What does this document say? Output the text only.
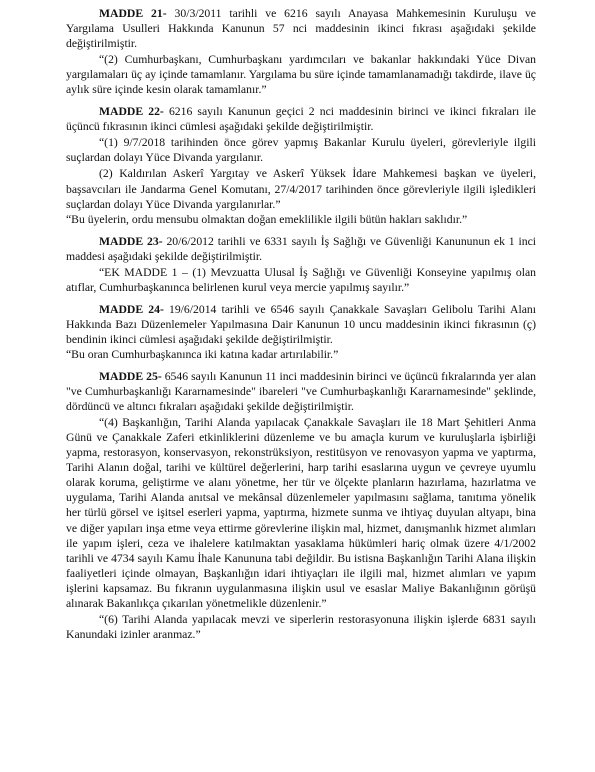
MADDE 21- 30/3/2011 tarihli ve 6216 sayılı Anayasa Mahkemesinin Kuruluşu ve Yargılama Usulleri Hakkında Kanunun 57 nci maddesinin ikinci fıkrası aşağıdaki şekilde değiştirilmiştir.

“(2) Cumhurbaşkanı, Cumhurbaşkanı yardımcıları ve bakanlar hakkındaki Yüce Divan yargılamaları üç ay içinde tamamlanır. Yargılama bu süre içinde tamamlanamadığı takdirde, ilave üç aylık süre içinde kesin olarak tamamlanır.”

MADDE 22- 6216 sayılı Kanunun geçici 2 nci maddesinin birinci ve ikinci fıkraları ile üçüncü fıkrasının ikinci cümlesi aşağıdaki şekilde değiştirilmiştir.

“(1) 9/7/2018 tarihinden önce görev yapmış Bakanlar Kurulu üyeleri, görevleriyle ilgili suçlardan dolayı Yüce Divanda yargılanır.

(2) Kaldırılan Askerî Yargıtay ve Askerî Yüksek İdare Mahkemesi başkan ve üyeleri, başsavcıları ile Jandarma Genel Komutanı, 27/4/2017 tarihinden önce görevleriyle ilgili işledikleri suçlardan dolayı Yüce Divanda yargılanırlar.”

“Bu üyelerin, ordu mensubu olmaktan doğan emeklilikle ilgili bütün hakları saklıdır.”

MADDE 23- 20/6/2012 tarihli ve 6331 sayılı İş Sağlığı ve Güvenliği Kanununun ek 1 inci maddesi aşağıdaki şekilde değiştirilmiştir.

“EK MADDE 1 – (1) Mevzuatta Ulusal İş Sağlığı ve Güvenliği Konseyine yapılmış olan atıflar, Cumhurbaşkanınca belirlenen kurul veya mercie yapılmış sayılır.”

MADDE 24- 19/6/2014 tarihli ve 6546 sayılı Çanakkale Savaşları Gelibolu Tarihi Alanı Hakkında Bazı Düzenlemeler Yapılmasına Dair Kanunun 10 uncu maddesinin ikinci fıkrasının (ç) bendinin ikinci cümlesi aşağıdaki şekilde değiştirilmiştir.

“Bu oran Cumhurbaşkanınca iki katına kadar artırılabilir.”

MADDE 25- 6546 sayılı Kanunun 11 inci maddesinin birinci ve üçüncü fıkralarında yer alan "ve Cumhurbaşkanlığı Kararnamesinde" ibareleri "ve Cumhurbaşkanlığı Kararnamesinde" şeklinde, dördüncü ve altıncı fıkraları aşağıdaki şekilde değiştirilmiştir.

“(4) Başkanlığın, Tarihi Alanda yapılacak Çanakkale Savaşları ile 18 Mart Şehitleri Anma Günü ve Çanakkale Zaferi etkinliklerini düzenleme ve bu amaçla kurum ve kuruluşlarla işbirliği yapma, restorasyon, konservasyon, rekonstrüksiyon, restitüsyon ve renovasyon yapma ve yaptırma, Tarihi Alanın doğal, tarihi ve kültürel değerlerini, harp tarihi esaslarına uygun ve çevreye uyumlu olarak koruma, geliştirme ve alanı yönetme, her tür ve ölçekte planların hazırlama, hazırlatma ve uygulama, Tarihi Alanda anıtsal ve mekânsal düzenlemeler yapılmasını sağlama, tanıtıma yönelik her türlü görsel ve işitsel eserleri yapma, yaptırma, hizmete sunma ve ihtiyaç duyulan altyapı, bina ve diğer yapıları inşa etme veya ettirme görevlerine ilişkin mal, hizmet, danışmanlık hizmet alımları ile yapım işleri, ceza ve ihalelere katılmaktan yasaklama hükümleri hariç olmak üzere 4/1/2002 tarihli ve 4734 sayılı Kamu İhale Kanununa tabi değildir. Bu istisna Başkanlığın Tarihi Alana ilişkin faaliyetleri içinde olmayan, Başkanlığın idari ihtiyaçları ile ilgili mal, hizmet alımları ve yapım işlerini kapsamaz. Bu fıkranın uygulanmasına ilişkin usul ve esaslar Maliye Bakanlığının görüşü alınarak Bakanlıkça çıkarılan yönetmelikle düzenlenir.”

“(6) Tarihi Alanda yapılacak mevzi ve siperlerin restorasyonuna ilişkin işlerde 6831 sayılı Kanundaki izinler aranmaz.”
